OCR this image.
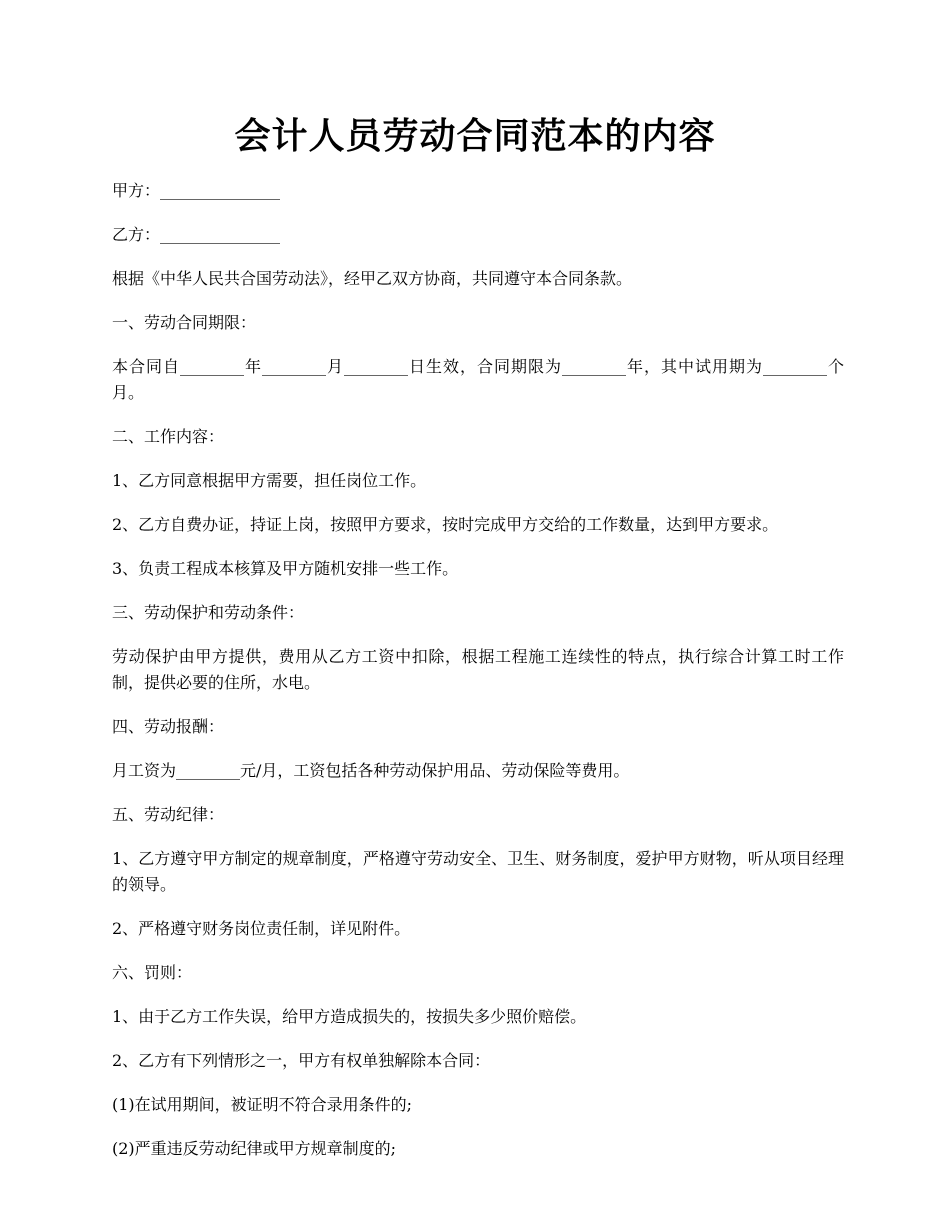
会计人员劳动合同范本的内容

甲方：_______________

乙方：_______________

根据《中华人民共合国劳动法》，经甲乙双方协商，共同遵守本合同条款。

一、劳动合同期限：

本合同自________年________月________日生效，合同期限为________年，其中试用期为________个月。

二、工作内容：

1、乙方同意根据甲方需要，担任岗位工作。

2、乙方自费办证，持证上岗，按照甲方要求，按时完成甲方交给的工作数量，达到甲方要求。

3、负责工程成本核算及甲方随机安排一些工作。

三、劳动保护和劳动条件：

劳动保护由甲方提供，费用从乙方工资中扣除，根据工程施工连续性的特点，执行综合计算工时工作制，提供必要的住所，水电。

四、劳动报酬：

月工资为________元/月，工资包括各种劳动保护用品、劳动保险等费用。

五、劳动纪律：

1、乙方遵守甲方制定的规章制度，严格遵守劳动安全、卫生、财务制度，爱护甲方财物，听从项目经理的领导。

2、严格遵守财务岗位责任制，详见附件。

六、罚则：

1、由于乙方工作失误，给甲方造成损失的，按损失多少照价赔偿。

2、乙方有下列情形之一，甲方有权单独解除本合同：

(1)在试用期间，被证明不符合录用条件的;

(2)严重违反劳动纪律或甲方规章制度的;
